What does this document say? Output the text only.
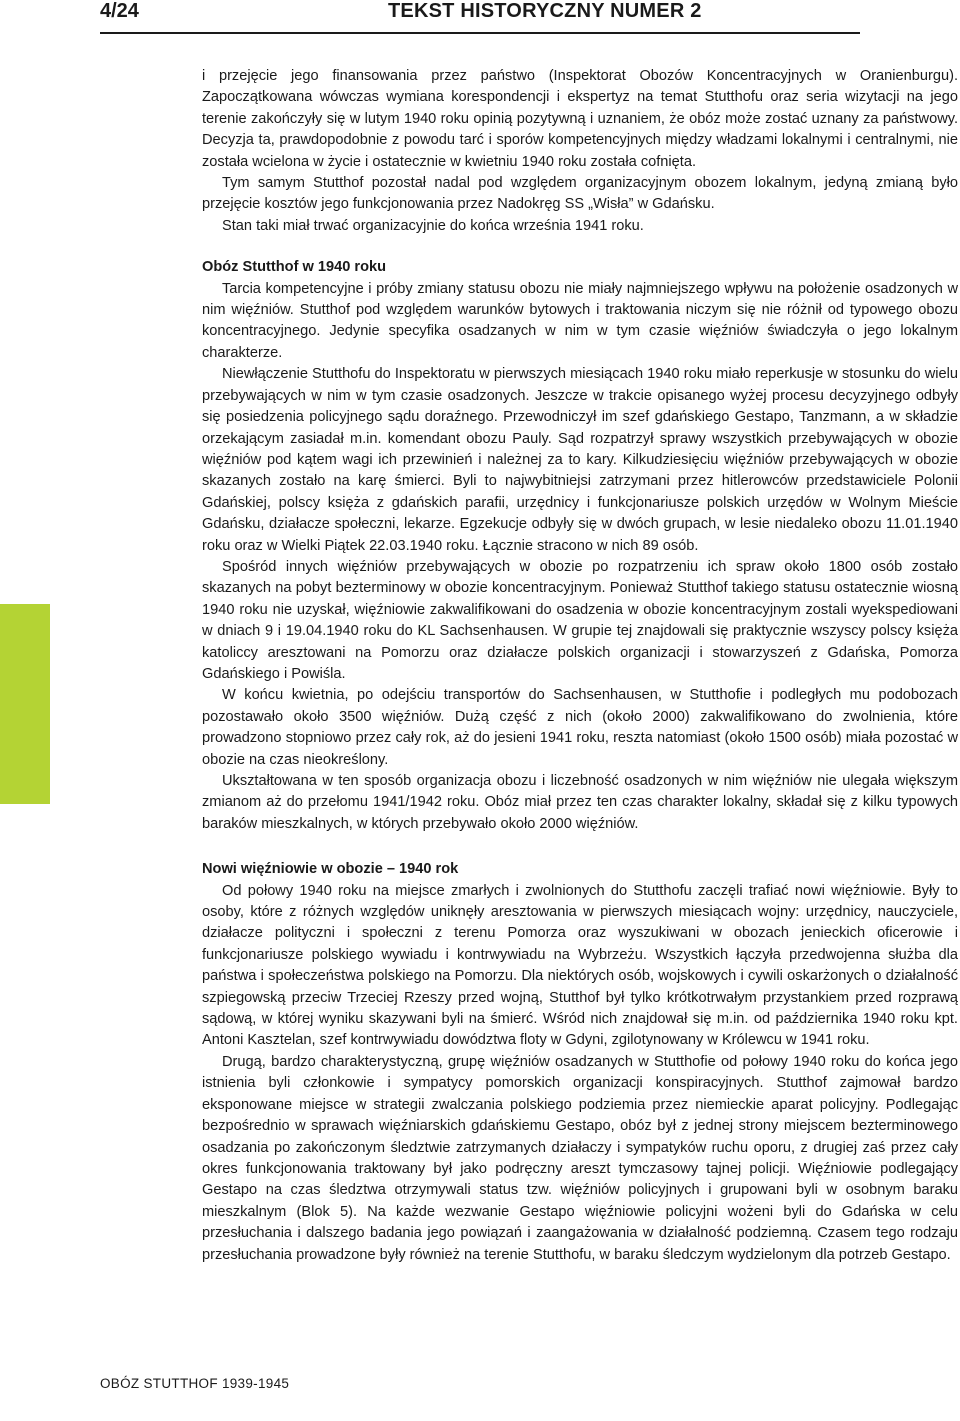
4/24	TEKST HISTORYCZNY NUMER 2

i przejęcie jego finansowania przez państwo (Inspektorat Obozów Koncentracyjnych w Oranienburgu). Zapoczątkowana wówczas wymiana korespondencji i ekspertyz na temat Stutthofu oraz seria wizytacji na jego terenie zakończyły się w lutym 1940 roku opinią pozytywną i uznaniem, że obóz może zostać uznany za państwowy. Decyzja ta, prawdopodobnie z powodu tarć i sporów kompetencyjnych między władzami lokalnymi i centralnymi, nie została wcielona w życie i ostatecznie w kwietniu 1940 roku została cofnięta.

Tym samym Stutthof pozostał nadal pod względem organizacyjnym obozem lokalnym, jedyną zmianą było przejęcie kosztów jego funkcjonowania przez Nadokręg SS „Wisła” w Gdańsku.

Stan taki miał trwać organizacyjnie do końca września 1941 roku.

Obóz Stutthof w 1940 roku

Tarcia kompetencyjne i próby zmiany statusu obozu nie miały najmniejszego wpływu na położenie osadzonych w nim więźniów. Stutthof pod względem warunków bytowych i traktowania niczym się nie różnił od typowego obozu koncentracyjnego. Jedynie specyfika osadzanych w nim w tym czasie więźniów świadczyła o jego lokalnym charakterze.

Niewłączenie Stutthofu do Inspektoratu w pierwszych miesiącach 1940 roku miało reperkusje w stosunku do wielu przebywających w nim w tym czasie osadzonych. Jeszcze w trakcie opisanego wyżej procesu decyzyjnego odbyły się posiedzenia policyjnego sądu doraźnego. Przewodniczył im szef gdańskiego Gestapo, Tanzmann, a w składzie orzekającym zasiadał m.in. komendant obozu Pauly. Sąd rozpatrzył sprawy wszystkich przebywających w obozie więźniów pod kątem wagi ich przewinień i należnej za to kary. Kilkudziesięciu więźniów przebywających w obozie skazanych zostało na karę śmierci. Byli to najwybitniejsi zatrzymani przez hitlerowców przedstawiciele Polonii Gdańskiej, polscy księża z gdańskich parafii, urzędnicy i funkcjonariusze polskich urzędów w Wolnym Mieście Gdańsku, działacze społeczni, lekarze. Egzekucje odbyły się w dwóch grupach, w lesie niedaleko obozu 11.01.1940 roku oraz w Wielki Piątek 22.03.1940 roku. Łącznie stracono w nich 89 osób.

Spośród innych więźniów przebywających w obozie po rozpatrzeniu ich spraw około 1800 osób zostało skazanych na pobyt bezterminowy w obozie koncentracyjnym. Ponieważ Stutthof takiego statusu ostatecznie wiosną 1940 roku nie uzyskał, więźniowie zakwalifikowani do osadzenia w obozie koncentracyjnym zostali wyekspediowani w dniach 9 i 19.04.1940 roku do KL Sachsenhausen. W grupie tej znajdowali się praktycznie wszyscy polscy księża katoliccy aresztowani na Pomorzu oraz działacze polskich organizacji i stowarzyszeń z Gdańska, Pomorza Gdańskiego i Powiśla.

W końcu kwietnia, po odejściu transportów do Sachsenhausen, w Stutthofie i podległych mu podobozach pozostawało około 3500 więźniów. Dużą część z nich (około 2000) zakwalifikowano do zwolnienia, które prowadzono stopniowo przez cały rok, aż do jesieni 1941 roku, reszta natomiast (około 1500 osób) miała pozostać w obozie na czas nieokreślony.

Ukształtowana w ten sposób organizacja obozu i liczebność osadzonych w nim więźniów nie ulegała większym zmianom aż do przełomu 1941/1942 roku. Obóz miał przez ten czas charakter lokalny, składał się z kilku typowych baraków mieszkalnych, w których przebywało około 2000 więźniów.

Nowi więźniowie w obozie – 1940 rok

Od połowy 1940 roku na miejsce zmarłych i zwolnionych do Stutthofu zaczęli trafiać nowi więźniowie. Były to osoby, które z różnych względów uniknęły aresztowania w pierwszych miesiącach wojny: urzędnicy, nauczyciele, działacze polityczni i społeczni z terenu Pomorza oraz wyszukiwani w obozach jenieckich oficerowie i funkcjonariusze polskiego wywiadu i kontrwywiadu na Wybrzeżu. Wszystkich łączyła przedwojenna służba dla państwa i społeczeństwa polskiego na Pomorzu. Dla niektórych osób, wojskowych i cywili oskarżonych o działalność szpiegowską przeciw Trzeciej Rzeszy przed wojną, Stutthof był tylko krótkotrwałym przystankiem przed rozprawą sądową, w której wyniku skazywani byli na śmierć. Wśród nich znajdował się m.in. od października 1940 roku kpt. Antoni Kasztelan, szef kontrwywiadu dowództwa floty w Gdyni, zgilotynowany w Królewcu w 1941 roku.

Drugą, bardzo charakterystyczną, grupę więźniów osadzanych w Stutthofie od połowy 1940 roku do końca jego istnienia byli członkowie i sympatycy pomorskich organizacji konspiracyjnych. Stutthof zajmował bardzo eksponowane miejsce w strategii zwalczania polskiego podziemia przez niemieckie aparat policyjny. Podlegając bezpośrednio w sprawach więźniarskich gdańskiemu Gestapo, obóz był z jednej strony miejscem bezterminowego osadzania po zakończonym śledztwie zatrzymanych działaczy i sympatyków ruchu oporu, z drugiej zaś przez cały okres funkcjonowania traktowany był jako podręczny areszt tymczasowy tajnej policji. Więźniowie podlegający Gestapo na czas śledztwa otrzymywali status tzw. więźniów policyjnych i grupowani byli w osobnym baraku mieszkalnym (Blok 5). Na każde wezwanie Gestapo więźniowie policyjni wożeni byli do Gdańska w celu przesłuchania i dalszego badania jego powiązań i zaangażowania w działalność podziemną. Czasem tego rodzaju przesłuchania prowadzone były również na terenie Stutthofu, w baraku śledczym wydzielonym dla potrzeb Gestapo.

OBÓZ STUTTHOF 1939-1945
